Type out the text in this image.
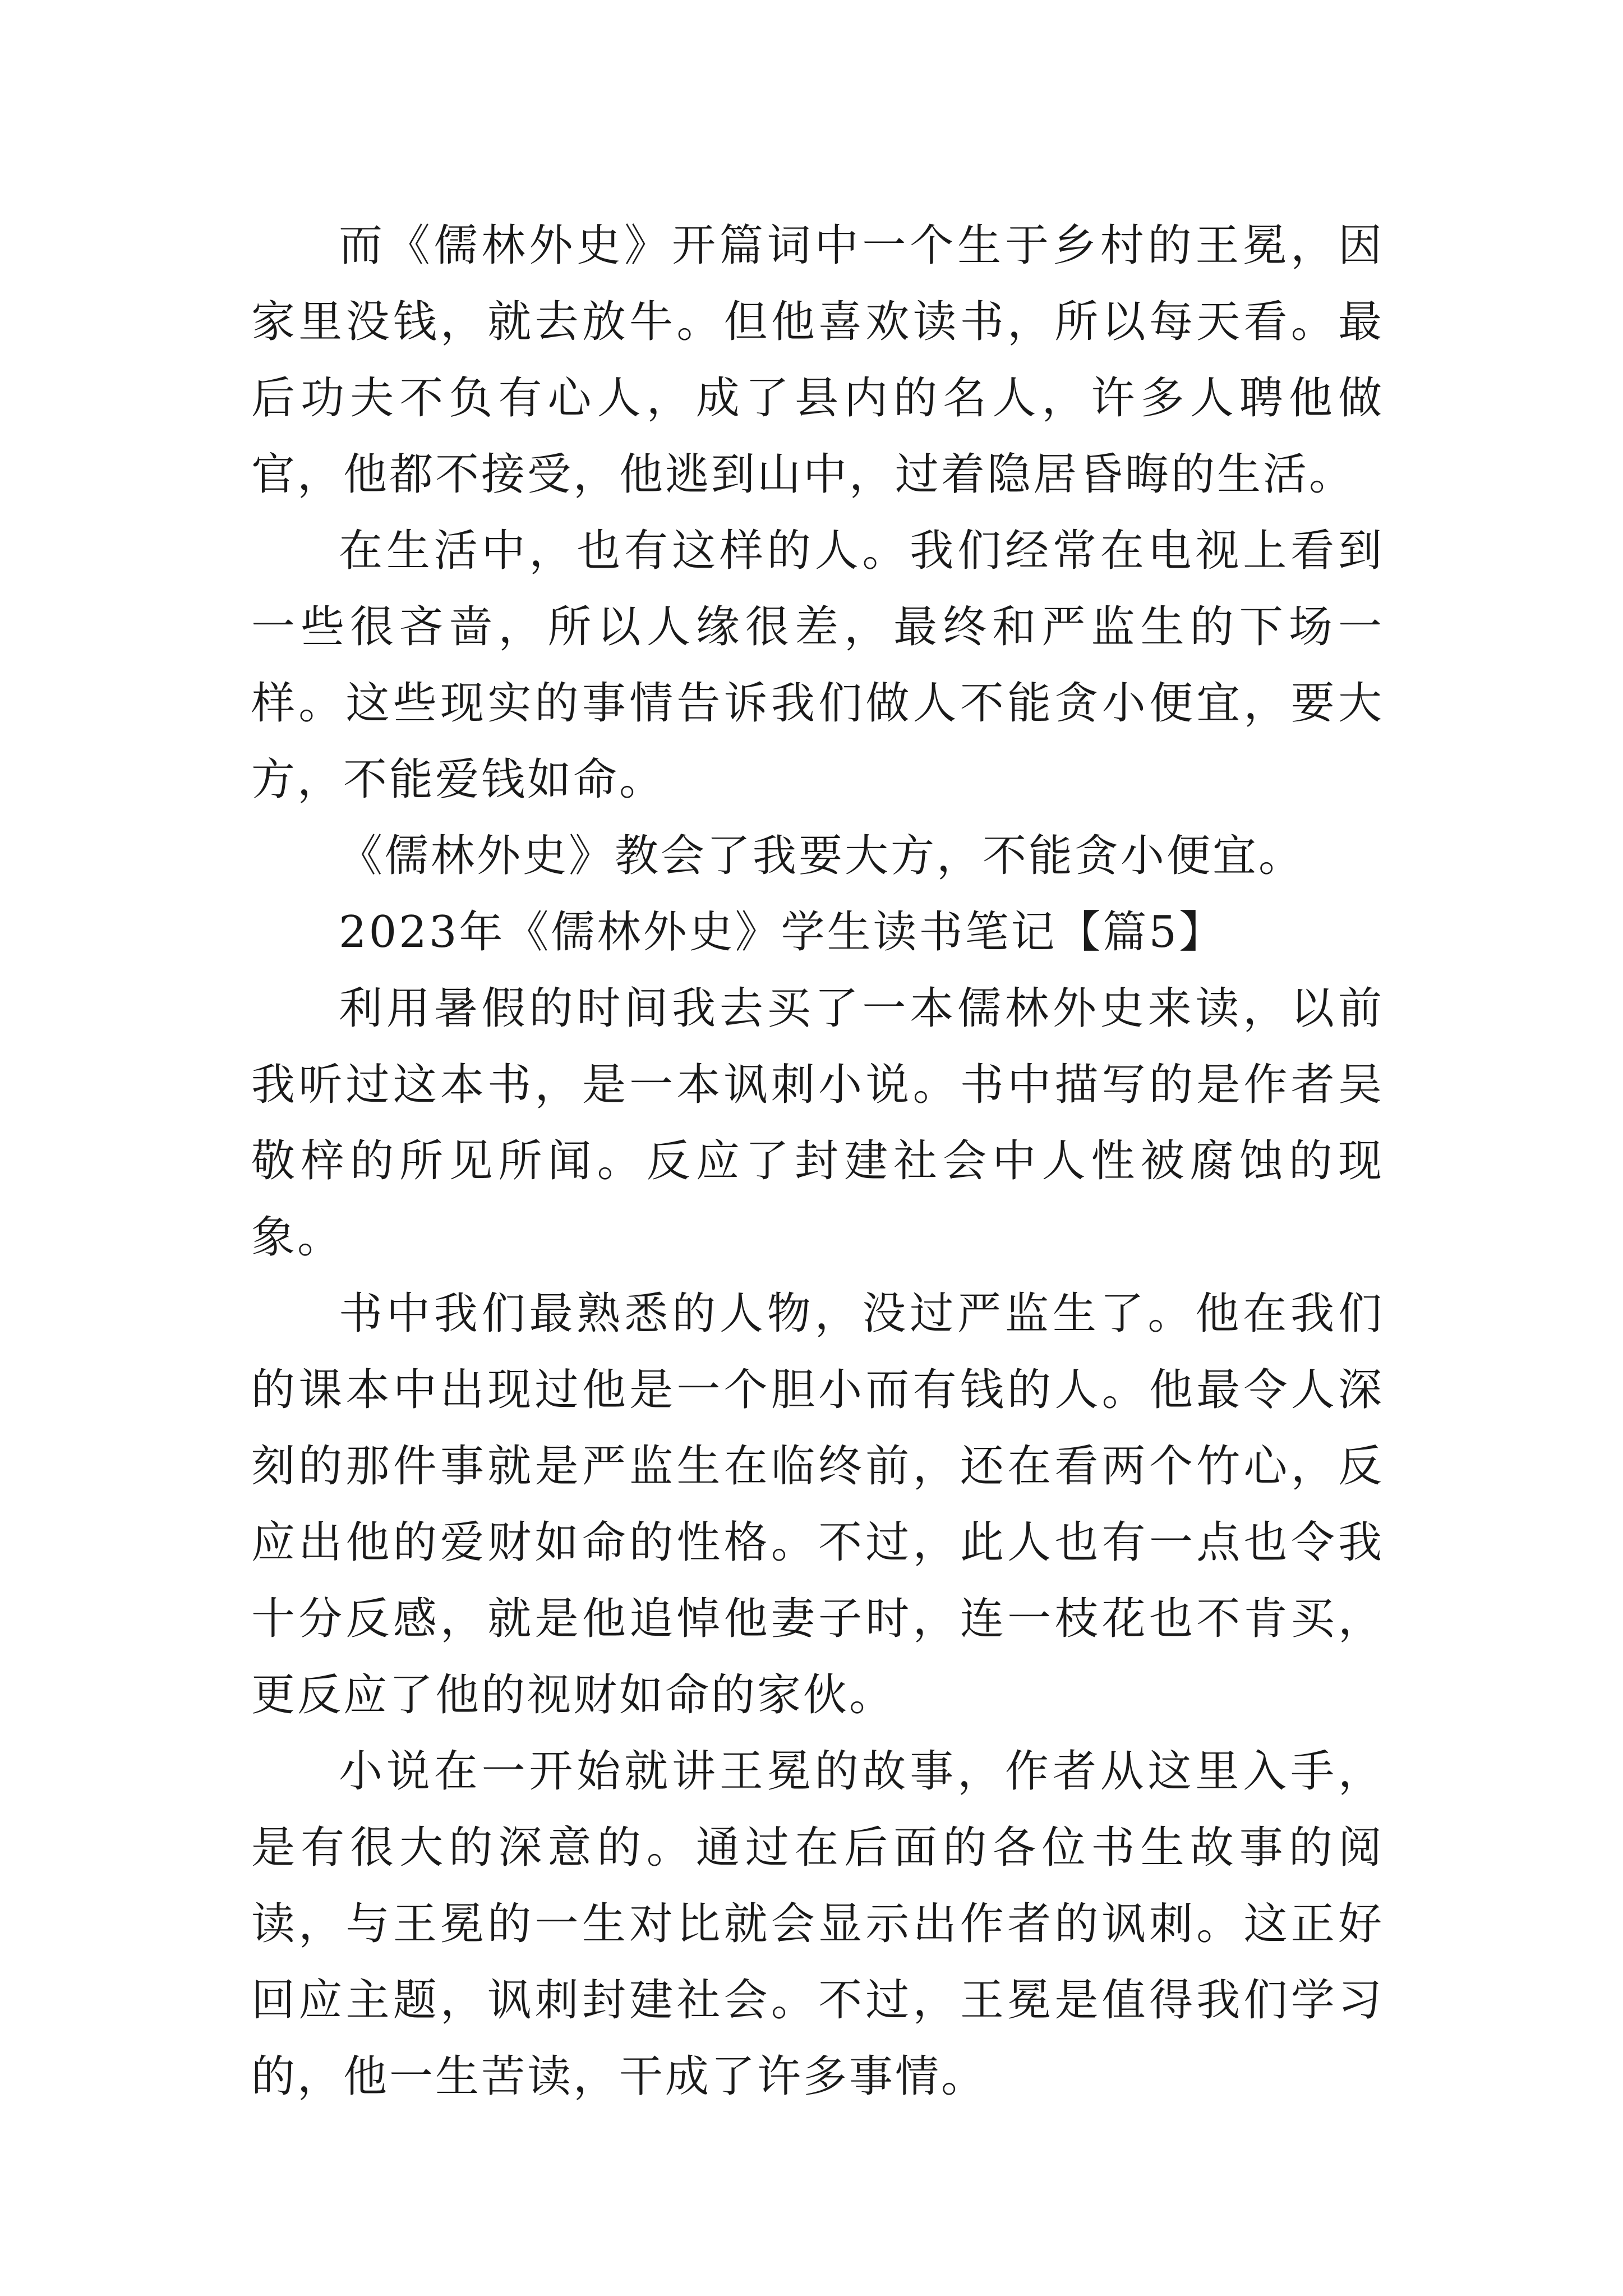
而《儒林外史》开篇词中一个生于乡村的王冕，因家里没钱，就去放牛。但他喜欢读书，所以每天看。最后功夫不负有心人，成了县内的名人，许多人聘他做官，他都不接受，他逃到山中，过着隐居昏晦的生活。

在生活中，也有这样的人。我们经常在电视上看到一些很吝啬，所以人缘很差，最终和严监生的下场一样。这些现实的事情告诉我们做人不能贪小便宜，要大方，不能爱钱如命。

《儒林外史》教会了我要大方，不能贪小便宜。

2023年《儒林外史》学生读书笔记【篇5】

利用暑假的时间我去买了一本儒林外史来读，以前我听过这本书，是一本讽刺小说。书中描写的是作者吴敬梓的所见所闻。反应了封建社会中人性被腐蚀的现象。

书中我们最熟悉的人物，没过严监生了。他在我们的课本中出现过他是一个胆小而有钱的人。他最令人深刻的那件事就是严监生在临终前，还在看两个竹心，反应出他的爱财如命的性格。不过，此人也有一点也令我十分反感，就是他追悼他妻子时，连一枝花也不肯买，更反应了他的视财如命的家伙。

小说在一开始就讲王冕的故事，作者从这里入手，是有很大的深意的。通过在后面的各位书生故事的阅读，与王冕的一生对比就会显示出作者的讽刺。这正好回应主题，讽刺封建社会。不过，王冕是值得我们学习的，他一生苦读，干成了许多事情。
